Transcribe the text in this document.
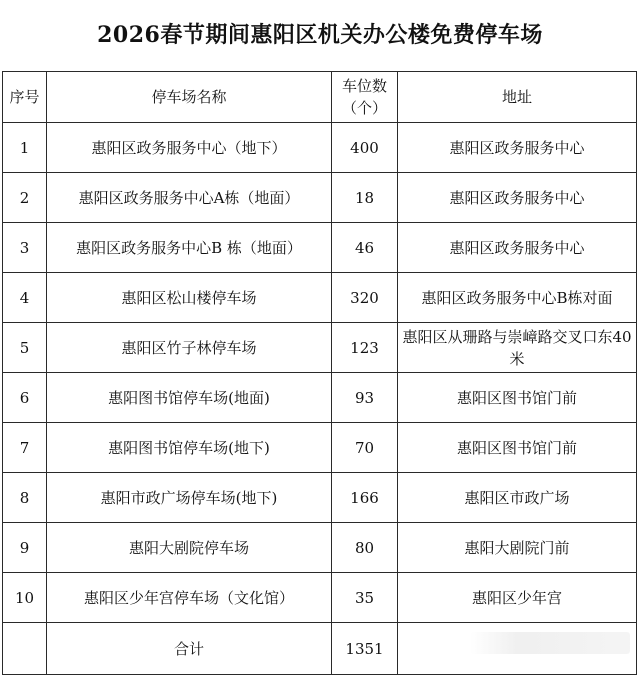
2026春节期间惠阳区机关办公楼免费停车场
序号	停车场名称	车位数（个）	地址
1	惠阳区政务服务中心（地下）	400	惠阳区政务服务中心
2	惠阳区政务服务中心A栋（地面）	18	惠阳区政务服务中心
3	惠阳区政务服务中心B 栋（地面）	46	惠阳区政务服务中心
4	惠阳区松山楼停车场	320	惠阳区政务服务中心B栋对面
5	惠阳区竹子林停车场	123	惠阳区从珊路与崇嶂路交叉口东40米
6	惠阳图书馆停车场(地面)	93	惠阳区图书馆门前
7	惠阳图书馆停车场(地下)	70	惠阳区图书馆门前
8	惠阳市政广场停车场(地下)	166	惠阳区市政广场
9	惠阳大剧院停车场	80	惠阳大剧院门前
10	惠阳区少年宫停车场（文化馆）	35	惠阳区少年宫
	合计	1351	
